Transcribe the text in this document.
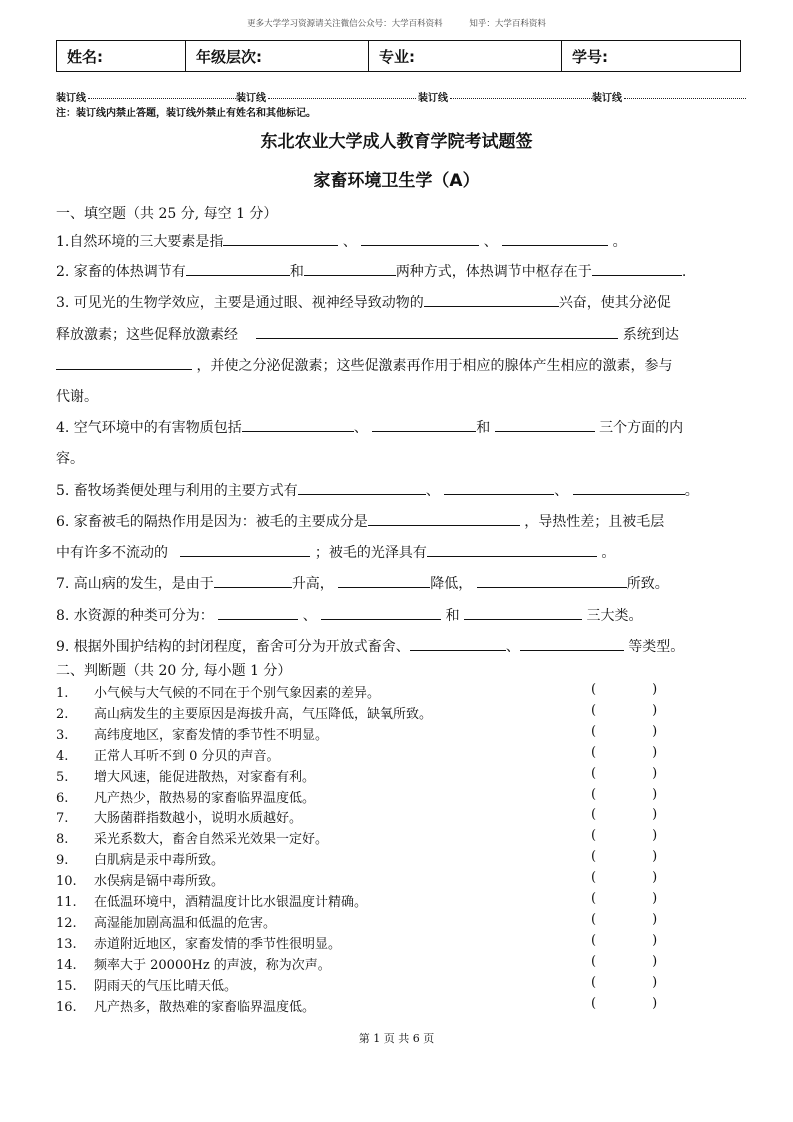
更多大学学习资源请关注微信公众号：大学百科资料	知乎：大学百科资料
姓名:	年级层次:	专业:	学号:
装订线	装订线	装订线	装订线
注：装订线内禁止答题，装订线外禁止有姓名和其他标记。
东北农业大学成人教育学院考试题签
家畜环境卫生学（A）
一、填空题（共 25 分, 每空 1 分）
1.自然环境的三大要素是指	、	、	。
2. 家畜的体热调节有	和	两种方式，体热调节中枢存在于	.
3. 可见光的生物学效应，主要是通过眼、视神经导致动物的	兴奋，使其分泌促
释放激素；这些促释放激素经	系统到达
，并使之分泌促激素；这些促激素再作用于相应的腺体产生相应的激素，参与
代谢。
4. 空气环境中的有害物质包括	、	和	三个方面的内
容。
5. 畜牧场粪便处理与利用的主要方式有	、	、	。
6. 家畜被毛的隔热作用是因为：被毛的主要成分是	，导热性差；且被毛层
中有许多不流动的	；被毛的光泽具有	。
7. 高山病的发生，是由于	升高，	降低，	所致。
8. 水资源的种类可分为：	、	和	三大类。
9. 根据外围护结构的封闭程度，畜舍可分为开放式畜舍、	、	等类型。
二、判断题（共 20 分, 每小题 1 分）
1. 小气候与大气候的不同在于个别气象因素的差异。	(	)
2. 高山病发生的主要原因是海拔升高，气压降低，缺氧所致。	(	)
3. 高纬度地区，家畜发情的季节性不明显。	(	)
4. 正常人耳听不到 0 分贝的声音。	(	)
5. 增大风速，能促进散热，对家畜有利。	(	)
6. 凡产热少，散热易的家畜临界温度低。	(	)
7. 大肠菌群指数越小，说明水质越好。	(	)
8. 采光系数大，畜舍自然采光效果一定好。	(	)
9. 白肌病是汞中毒所致。	(	)
10. 水俣病是镉中毒所致。	(	)
11. 在低温环境中，酒精温度计比水银温度计精确。	(	)
12. 高湿能加剧高温和低温的危害。	(	)
13. 赤道附近地区，家畜发情的季节性很明显。	(	)
14. 频率大于 20000Hz 的声波，称为次声。	(	)
15. 阴雨天的气压比晴天低。	(	)
16. 凡产热多，散热难的家畜临界温度低。	(	)
第 1 页 共 6 页
